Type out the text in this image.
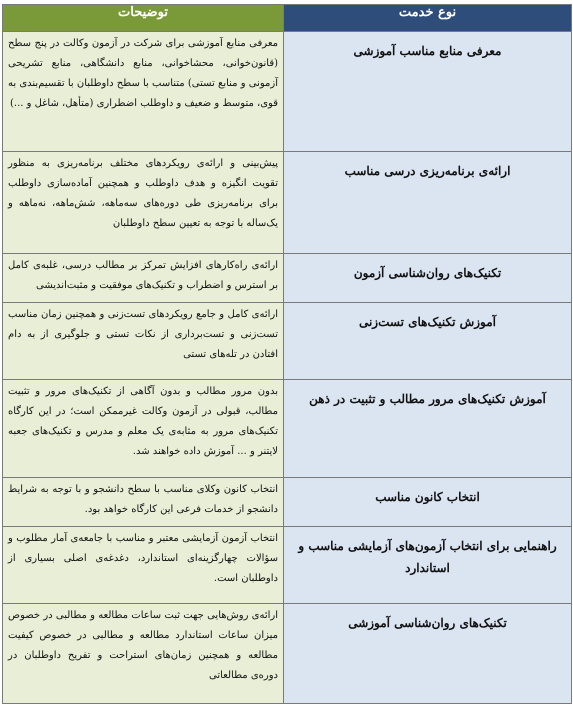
نوع خدمت	توضیحات
معرفی منابع مناسب آموزشی	معرفی منابع آموزشی برای شرکت در آزمون وکالت در پنج سطح (قانون‌خوانی، محشاخوانی، منابع دانشگاهی، منابع تشریحی آزمونی و منابع تستی) متناسب با سطح داوطلبان با تقسیم‌بندی به قوی، متوسط و ضعیف و داوطلب اضطراری (متأهل، شاغل و ...)
ارائه‌ی برنامه‌ریزی درسی مناسب	پیش‌بینی و ارائه‌ی رویکردهای مختلف برنامه‌ریزی به منظور تقویت انگیزه و هدف داوطلب و همچنین آماده‌سازی داوطلب برای برنامه‌ریزی طی دوره‌های سه‌ماهه، شش‌ماهه، نه‌ماهه و یک‌ساله با توجه به تعیین سطح داوطلبان
تکنیک‌های روان‌شناسی آزمون	ارائه‌ی راه‌کارهای افزایش تمرکز بر مطالب درسی، غلبه‌ی کامل بر استرس و اضطراب و تکنیک‌های موفقیت و مثبت‌اندیشی
آموزش تکنیک‌های تست‌زنی	ارائه‌ی کامل و جامع رویکردهای تست‌زنی و همچنین زمان مناسب تست‌زنی و تست‌برداری از نکات تستی و جلوگیری از به دام افتادن در تله‌های تستی
آموزش تکنیک‌های مرور مطالب و تثبیت در ذهن	بدون مرور مطالب و بدون آگاهی از تکنیک‌های مرور و تثبیت مطالب، قبولی در آزمون وکالت غیرممکن است؛ در این کارگاه تکنیک‌های مرور به مثابه‌ی یک معلم و مدرس و تکنیک‌های جعبه لایتنر و ... آموزش داده خواهند شد.
انتخاب کانون مناسب	انتخاب کانون وکلای مناسب با سطح دانشجو و با توجه به شرایط دانشجو از خدمات فرعی این کارگاه خواهد بود.
راهنمایی برای انتخاب آزمون‌های آزمایشی مناسب و استاندارد	انتخاب آزمون آزمایشی معتبر و مناسب با جامعه‌ی آمار مطلوب و سؤالات چهارگزینه‌ای استاندارد، دغدغه‌ی اصلی بسیاری از داوطلبان است.
تکنیک‌های روان‌شناسی آموزشی	ارائه‌ی روش‌هایی جهت ثبت ساعات مطالعه و مطالبی در خصوص میزان ساعات استاندارد مطالعه و مطالبی در خصوص کیفیت مطالعه و همچنین زمان‌های استراحت و تفریح داوطلبان در دوره‌ی مطالعاتی
